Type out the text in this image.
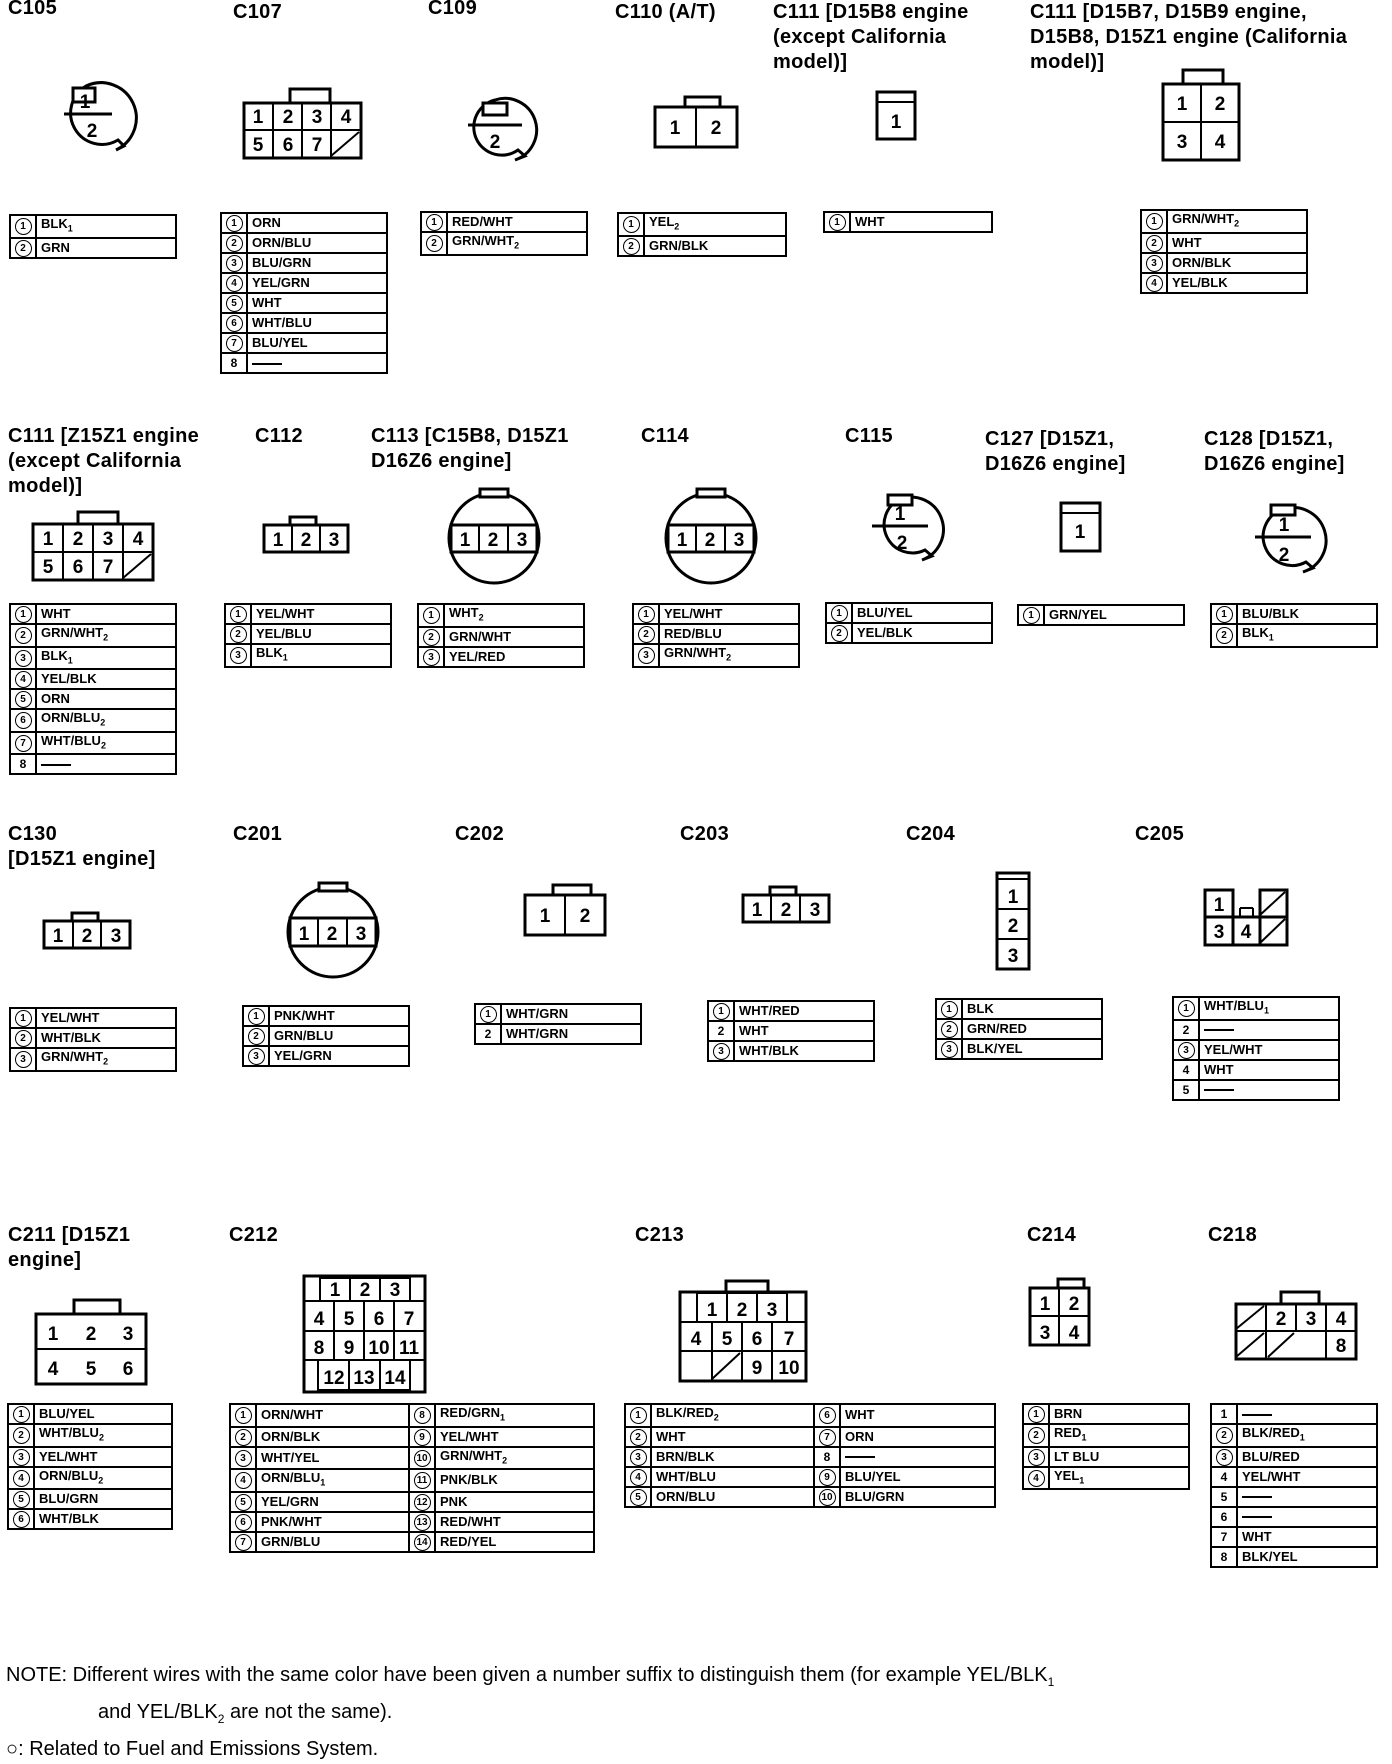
C105	C107	C109	C110 (A/T)	C111 [D15B8 engine
(except California
model)]
C111 [D15B7, D15B9 engine,
D15B8, D15Z1 engine (California
model)]
C111 [Z15Z1 engine
(except California
model)]
C112	C113 [C15B8, D15Z1
D16Z6 engine]
C114	C115	C127 [D15Z1,
D16Z6 engine]
C128 [D15Z1,
D16Z6 engine]
C130
[D15Z1 engine]
C201	C202	C203	C204	C205
C211 [D15Z1
engine]
C212	C213	C214	C218
1
2
1 2 3 4
5 6 7	2
1 2	1
1 2
3 4
1 2 3 4
5 6 7
1 2 3	1 2 3	1 2 3
1
2
1	1
2
1 2 3	1 2 3
1 2	1 2 3
1
2
3
1
3 4
1 2 3
4 5 6
1 2 3
4 5 6 7
8 9 10 11
12 13 14
1 2 3
4 5 6 7
9 10
1 2
3 4
2 3 4
8
1	$BLK_1$
2	GRN
1	ORN
2	ORN/BLU
3	BLU/GRN
4	YEL/GRN
5	WHT
6	WHT/BLU
7	BLU/YEL
8	
1	RED/WHT
2	GRN/$WHT_2$
1	$YEL_2$
2	GRN/BLK
1	WHT	1	GRN/$WHT_2$
2	WHT
3	ORN/BLK
4	YEL/BLK
1	WHT
2	GRN/$WHT_2$
3	$BLK_1$
4	YEL/BLK
5	ORN
6	ORN/$BLU_2$
7	WHT/$BLU_2$
8	
1	YEL/WHT
2	YEL/BLU
3	$BLK_1$
1	$WHT_2$
2	GRN/WHT
3	YEL/RED
1	YEL/WHT
2	RED/BLU
3	GRN/$WHT_2$
1	BLU/YEL
2	YEL/BLK
1	GRN/YEL	1	BLU/BLK
2	$BLK_1$
1	YEL/WHT
2	WHT/BLK
3	GRN/$WHT_2$
1	PNK/WHT
2	GRN/BLU
3	YEL/GRN
1	WHT/GRN
2	WHT/GRN
1	WHT/RED
2	WHT
3	WHT/BLK
1	BLK
2	GRN/RED
3	BLK/YEL
1	WHT/$BLU_1$
2	
3	YEL/WHT
4	WHT
5	
1	BLU/YEL
2	WHT/$BLU_2$
3	YEL/WHT
4	ORN/$BLU_2$
5	BLU/GRN
6	WHT/BLK
1	ORN/WHT	8	RED/$GRN_1$
2	ORN/BLK	9	YEL/WHT
3	WHT/YEL	10	GRN/$WHT_2$
4	ORN/$BLU_1$	11	PNK/BLK
5	YEL/GRN	12	PNK
6	PNK/WHT	13	RED/WHT
7	GRN/BLU	14	RED/YEL
1	BLK/$RED_2$	6	WHT
2	WHT	7	ORN
3	BRN/BLK	8	
4	WHT/BLU	9	BLU/YEL
5	ORN/BLU	10	BLU/GRN
1	BRN
2	$RED_1$
3	LT BLU
4	$YEL_1$
1	
2	BLK/$RED_1$
3	BLU/RED
4	YEL/WHT
5	
6	
7	WHT
8	BLK/YEL
NOTE: Different wires with the same color have been given a number suffix to distinguish them (for example YEL/$BLK_1$
and YEL/$BLK_2$ are not the same).
○: Related to Fuel and Emissions System.
